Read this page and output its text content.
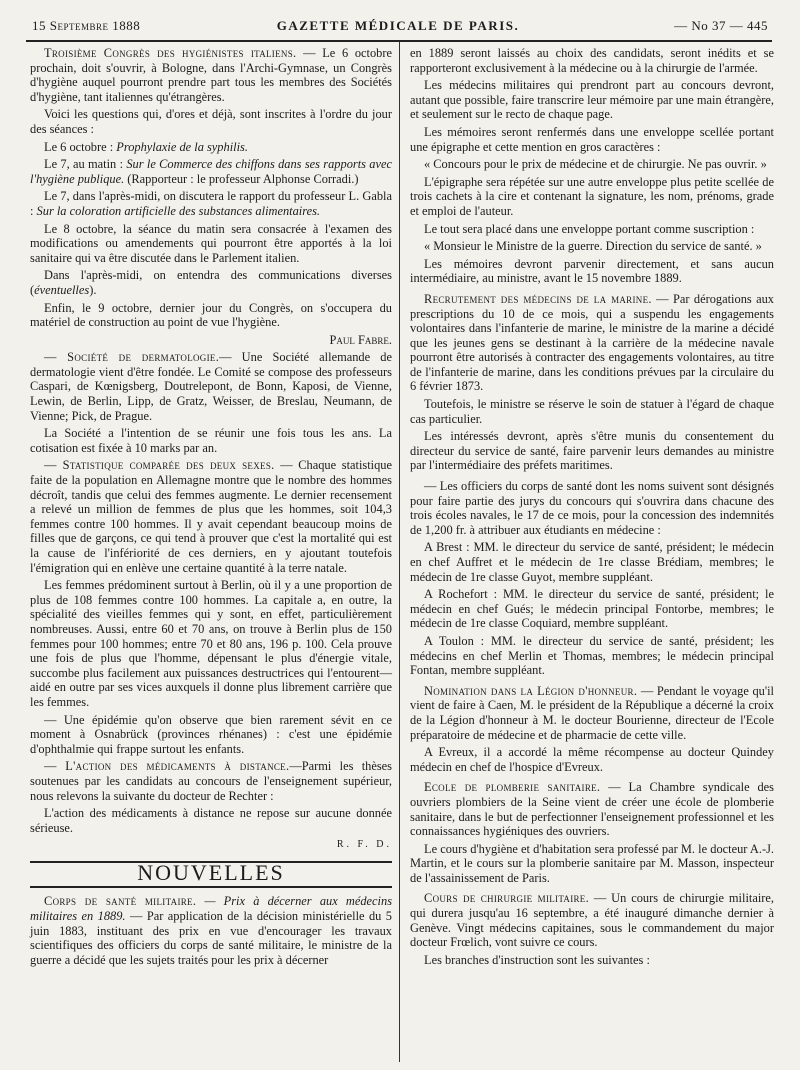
15 Septembre 1888	GAZETTE MÉDICALE DE PARIS.	— No 37 — 445

Troisième Congrès des hygiénistes italiens. — Le 6 octobre prochain, doit s'ouvrir, à Bologne, dans l'Archi-Gymnase, un Congrès d'hygiène auquel pourront prendre part tous les membres des Sociétés d'hygiène, tant italiennes qu'étrangères.

Voici les questions qui, d'ores et déjà, sont inscrites à l'ordre du jour des séances :

Le 6 octobre : Prophylaxie de la syphilis.

Le 7, au matin : Sur le Commerce des chiffons dans ses rapports avec l'hygiène publique. (Rapporteur : le professeur Alphonse Corradi.)

Le 7, dans l'après-midi, on discutera le rapport du professeur L. Gabla : Sur la coloration artificielle des substances alimentaires.

Le 8 octobre, la séance du matin sera consacrée à l'examen des modifications ou amendements qui pourront être apportés à la loi sanitaire qui va être discutée dans le Parlement italien.

Dans l'après-midi, on entendra des communications diverses (éventuelles).

Enfin, le 9 octobre, dernier jour du Congrès, on s'occupera du matériel de construction au point de vue l'hygiène.

Paul Fabre.

— Société de dermatologie.— Une Société allemande de dermatologie vient d'être fondée. Le Comité se compose des professeurs Caspari, de Kœnigsberg, Doutrelepont, de Bonn, Kaposi, de Vienne, Lewin, de Berlin, Lipp, de Gratz, Weisser, de Breslau, Neumann, de Vienne; Pick, de Prague.

La Société a l'intention de se réunir une fois tous les ans. La cotisation est fixée à 10 marks par an.

— Statistique comparée des deux sexes. — Chaque statistique faite de la population en Allemagne montre que le nombre des hommes décroît, tandis que celui des femmes augmente. Le dernier recensement a relevé un million de femmes de plus que les hommes, soit 104,3 femmes contre 100 hommes. Il y avait cependant beaucoup moins de filles que de garçons, ce qui tend à prouver que c'est la mortalité qui est la cause de l'infériorité de ces derniers, en y ajoutant toutefois l'émigration qui en enlève une certaine quantité à la terre natale.

Les femmes prédominent surtout à Berlin, où il y a une proportion de plus de 108 femmes contre 100 hommes. La capitale a, en outre, la spécialité des vieilles femmes qui y sont, en effet, particulièrement nombreuses. Aussi, entre 60 et 70 ans, on trouve à Berlin plus de 150 femmes pour 100 hommes; entre 70 et 80 ans, 196 p. 100. Cela prouve une fois de plus que l'homme, dépensant le plus d'énergie vitale, succombe plus facilement aux puissances destructrices qui l'entourent—aidé en outre par ses vices auxquels il donne plus librement carrière que les femmes.

— Une épidémie qu'on observe que bien rarement sévit en ce moment à Osnabrück (provinces rhénanes) : c'est une épidémie d'ophthalmie qui frappe surtout les enfants.

— L'action des médicaments à distance.—Parmi les thèses soutenues par les candidats au concours de l'enseignement supérieur, nous relevons la suivante du docteur de Rechter :

L'action des médicaments à distance ne repose sur aucune donnée sérieuse.

R. F. D.

NOUVELLES

Corps de santé militaire. — Prix à décerner aux médecins militaires en 1889. — Par application de la décision ministérielle du 5 juin 1883, instituant des prix en vue d'encourager les travaux scientifiques des officiers du corps de santé militaire, le ministre de la guerre a décidé que les sujets traités pour les prix à décerner

en 1889 seront laissés au choix des candidats, seront inédits et se rapporteront exclusivement à la médecine ou à la chirurgie de l'armée.

Les médecins militaires qui prendront part au concours devront, autant que possible, faire transcrire leur mémoire par une main étrangère, et seulement sur le recto de chaque page.

Les mémoires seront renfermés dans une enveloppe scellée portant une épigraphe et cette mention en gros caractères :

« Concours pour le prix de médecine et de chirurgie. Ne pas ouvrir. »

L'épigraphe sera répétée sur une autre enveloppe plus petite scellée de trois cachets à la cire et contenant la signature, les nom, prénoms, grade et emploi de l'auteur.

Le tout sera placé dans une enveloppe portant comme suscription :

« Monsieur le Ministre de la guerre. Direction du service de santé. »

Les mémoires devront parvenir directement, et sans aucun intermédiaire, au ministre, avant le 15 novembre 1889.

Recrutement des médecins de la marine. — Par dérogations aux prescriptions du 10 de ce mois, qui a suspendu les engagements volontaires dans l'infanterie de marine, le ministre de la marine a décidé que les jeunes gens se destinant à la carrière de la médecine navale pourront être autorisés à contracter des engagements volontaires, au titre de l'infanterie de marine, dans les conditions prévues par la circulaire du 6 février 1873.

Toutefois, le ministre se réserve le soin de statuer à l'égard de chaque cas particulier.

Les intéressés devront, après s'être munis du consentement du directeur du service de santé, faire parvenir leurs demandes au ministre par l'intermédiaire des préfets maritimes.

— Les officiers du corps de santé dont les noms suivent sont désignés pour faire partie des jurys du concours qui s'ouvrira dans chacune des trois écoles navales, le 17 de ce mois, pour la concession des indemnités de 1,200 fr. à attribuer aux étudiants en médecine :

A Brest : MM. le directeur du service de santé, président; le médecin en chef Auffret et le médecin de 1re classe Brédiam, membres; le médecin de 1re classe Guyot, membre suppléant.

A Rochefort : MM. le directeur du service de santé, président; le médecin en chef Gués; le médecin principal Fontorbe, membres; le médecin de 1re classe Coquiard, membre suppléant.

A Toulon : MM. le directeur du service de santé, président; les médecins en chef Merlin et Thomas, membres; le médecin principal Fontan, membre suppléant.

Nomination dans la Légion d'honneur. — Pendant le voyage qu'il vient de faire à Caen, M. le président de la République a décerné la croix de la Légion d'honneur à M. le docteur Bourienne, directeur de l'Ecole préparatoire de médecine et de pharmacie de cette ville.

A Evreux, il a accordé la même récompense au docteur Quindey médecin en chef de l'hospice d'Evreux.

Ecole de plomberie sanitaire. — La Chambre syndicale des ouvriers plombiers de la Seine vient de créer une école de plomberie sanitaire, dans le but de perfectionner l'enseignement professionnel et les connaissances hygiéniques des ouvriers.

Le cours d'hygiène et d'habitation sera professé par M. le docteur A.-J. Martin, et le cours sur la plomberie sanitaire par M. Masson, inspecteur de l'assainissement de Paris.

Cours de chirurgie militaire. — Un cours de chirurgie militaire, qui durera jusqu'au 16 septembre, a été inauguré dimanche dernier à Genève. Vingt médecins capitaines, sous le commandement du major docteur Frœlich, vont suivre ce cours.

Les branches d'instruction sont les suivantes :
